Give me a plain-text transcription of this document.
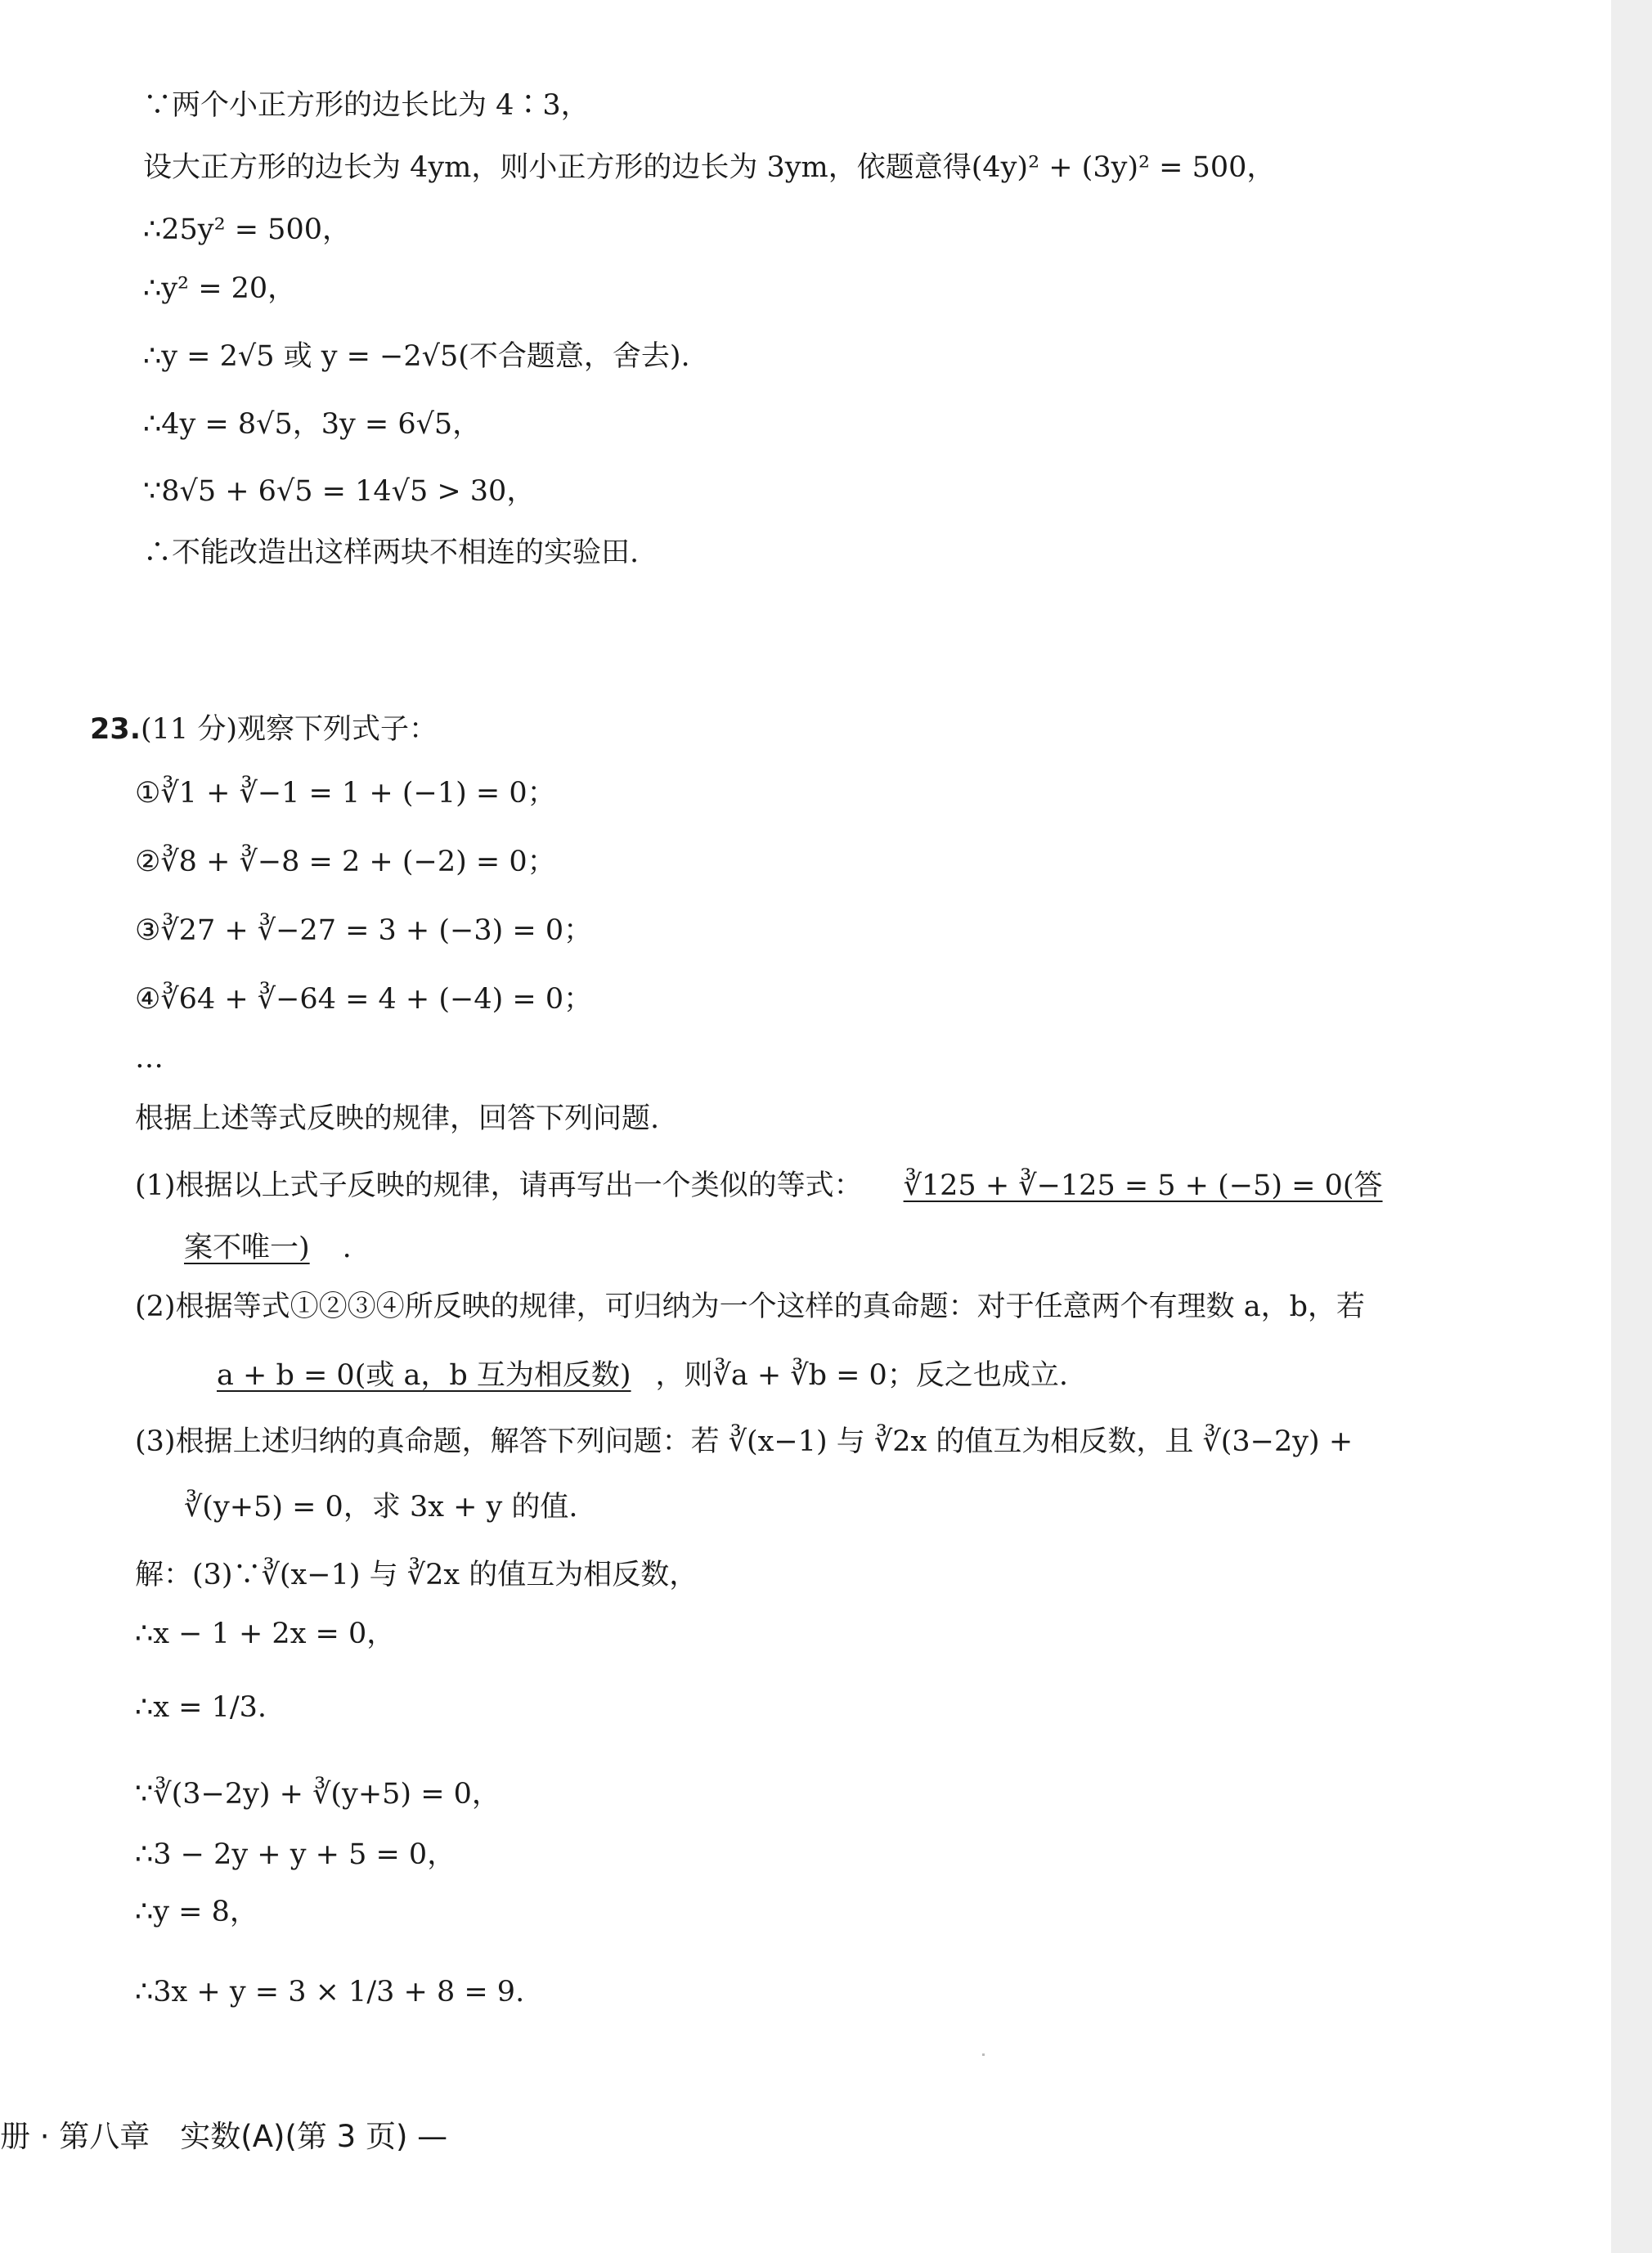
∵两个小正方形的边长比为 4∶3，
设大正方形的边长为 4ym，则小正方形的边长为 3ym，依题意得(4y)² + (3y)² = 500，
∴25y² = 500，
∴y² = 20，
∴y = 2√5 或 y = −2√5(不合题意，舍去).
∴4y = 8√5，3y = 6√5，
∵8√5 + 6√5 = 14√5 > 30，
∴不能改造出这样两块不相连的实验田.
23.(11 分)观察下列式子：
①∛1 + ∛−1 = 1 + (−1) = 0；
②∛8 + ∛−8 = 2 + (−2) = 0；
③∛27 + ∛−27 = 3 + (−3) = 0；
④∛64 + ∛−64 = 4 + (−4) = 0；
…
根据上述等式反映的规律，回答下列问题.
(1)根据以上式子反映的规律，请再写出一个类似的等式： ∛125 + ∛−125 = 5 + (−5) = 0(答
案不唯一) .
(2)根据等式①②③④所反映的规律，可归纳为一个这样的真命题：对于任意两个有理数 a，b，若
a + b = 0(或 a，b 互为相反数) ，则∛a + ∛b = 0；反之也成立.
(3)根据上述归纳的真命题，解答下列问题：若 ∛(x−1) 与 ∛2x 的值互为相反数，且 ∛(3−2y) +
∛(y+5) = 0，求 3x + y 的值.
解：(3)∵∛(x−1) 与 ∛2x 的值互为相反数，
∴x − 1 + 2x = 0，
∴x = 1/3.
∵∛(3−2y) + ∛(y+5) = 0，
∴3 − 2y + y + 5 = 0，
∴y = 8，
∴3x + y = 3 × 1/3 + 8 = 9.
册 · 第八章　实数(A)(第 3 页) —
